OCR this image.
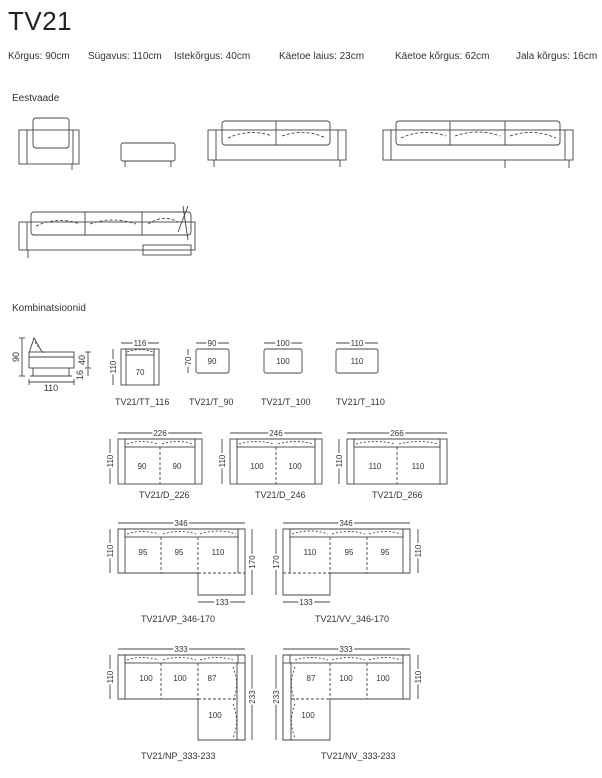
TV21
Kõrgus: 90cm Sügavus: 110cm Istekõrgus: 40cm	Käetoe laius: 23cm	Käetoe kõrgus: 62cm	Jala kõrgus: 16cm
Eestvaade
Kombinatsioonid
90
110
40
16
116
110 70
90
70 90
100
100
110
110
226
110	90	90
246
110	100	100
266
110	110	110
346
110
170
133
95	95	110
346
110
170
133
110	95	95
333
110
233
100	100	87
100
333
110
233
87	100	100
100
TV21/TT_116 TV21/T_90	TV21/T_100	TV21/T_110
TV21/D_226	TV21/D_246	TV21/D_266
TV21/VP_346-170	TV21/VV_346-170
TV21/NP_333-233	TV21/NV_333-233
